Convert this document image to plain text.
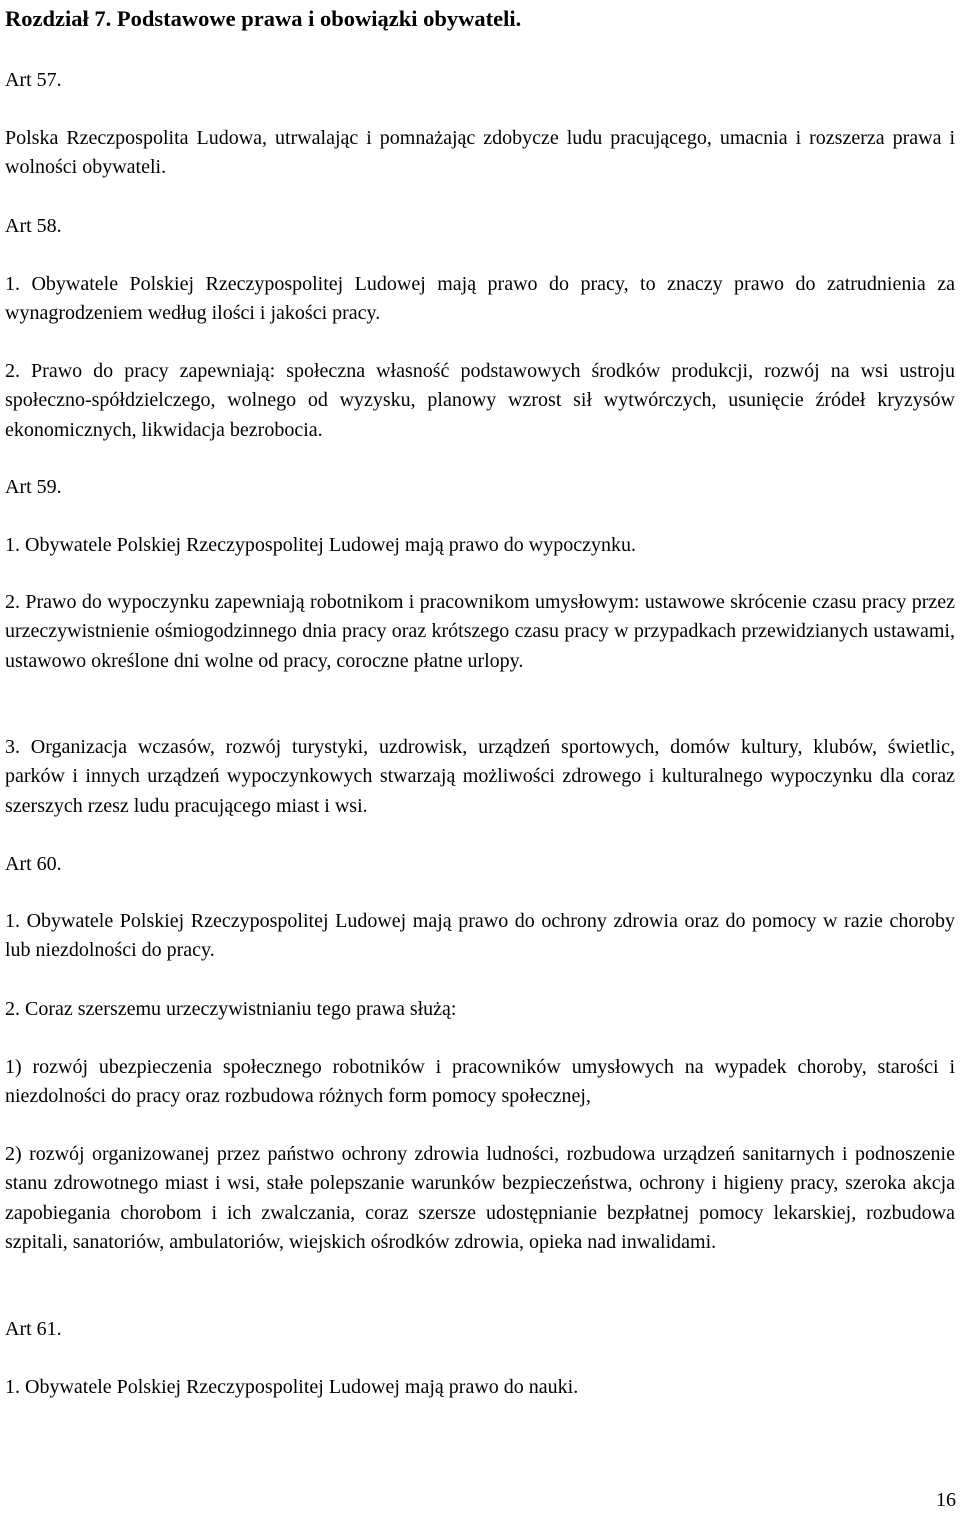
Rozdział 7. Podstawowe prawa i obowiązki obywateli.

Art 57.

Polska Rzeczpospolita Ludowa, utrwalając i pomnażając zdobycze ludu pracującego, umacnia i rozszerza prawa i wolności obywateli.

Art 58.

1. Obywatele Polskiej Rzeczypospolitej Ludowej mają prawo do pracy, to znaczy prawo do zatrudnienia za wynagrodzeniem według ilości i jakości pracy.

2. Prawo do pracy zapewniają: społeczna własność podstawowych środków produkcji, rozwój na wsi ustroju społeczno-spółdzielczego, wolnego od wyzysku, planowy wzrost sił wytwórczych, usunięcie źródeł kryzysów ekonomicznych, likwidacja bezrobocia.

Art 59.

1. Obywatele Polskiej Rzeczypospolitej Ludowej mają prawo do wypoczynku.

2. Prawo do wypoczynku zapewniają robotnikom i pracownikom umysłowym: ustawowe skrócenie czasu pracy przez urzeczywistnienie ośmiogodzinnego dnia pracy oraz krótszego czasu pracy w przypadkach przewidzianych ustawami, ustawowo określone dni wolne od pracy, coroczne płatne urlopy.

3. Organizacja wczasów, rozwój turystyki, uzdrowisk, urządzeń sportowych, domów kultury, klubów, świetlic, parków i innych urządzeń wypoczynkowych stwarzają możliwości zdrowego i kulturalnego wypoczynku dla coraz szerszych rzesz ludu pracującego miast i wsi.

Art 60.

1. Obywatele Polskiej Rzeczypospolitej Ludowej mają prawo do ochrony zdrowia oraz do pomocy w razie choroby lub niezdolności do pracy.

2. Coraz szerszemu urzeczywistnianiu tego prawa służą:

1) rozwój ubezpieczenia społecznego robotników i pracowników umysłowych na wypadek choroby, starości i niezdolności do pracy oraz rozbudowa różnych form pomocy społecznej,

2) rozwój organizowanej przez państwo ochrony zdrowia ludności, rozbudowa urządzeń sanitarnych i podnoszenie stanu zdrowotnego miast i wsi, stałe polepszanie warunków bezpieczeństwa, ochrony i higieny pracy, szeroka akcja zapobiegania chorobom i ich zwalczania, coraz szersze udostępnianie bezpłatnej pomocy lekarskiej, rozbudowa szpitali, sanatoriów, ambulatoriów, wiejskich ośrodków zdrowia, opieka nad inwalidami.

Art 61.

1. Obywatele Polskiej Rzeczypospolitej Ludowej mają prawo do nauki.

16
